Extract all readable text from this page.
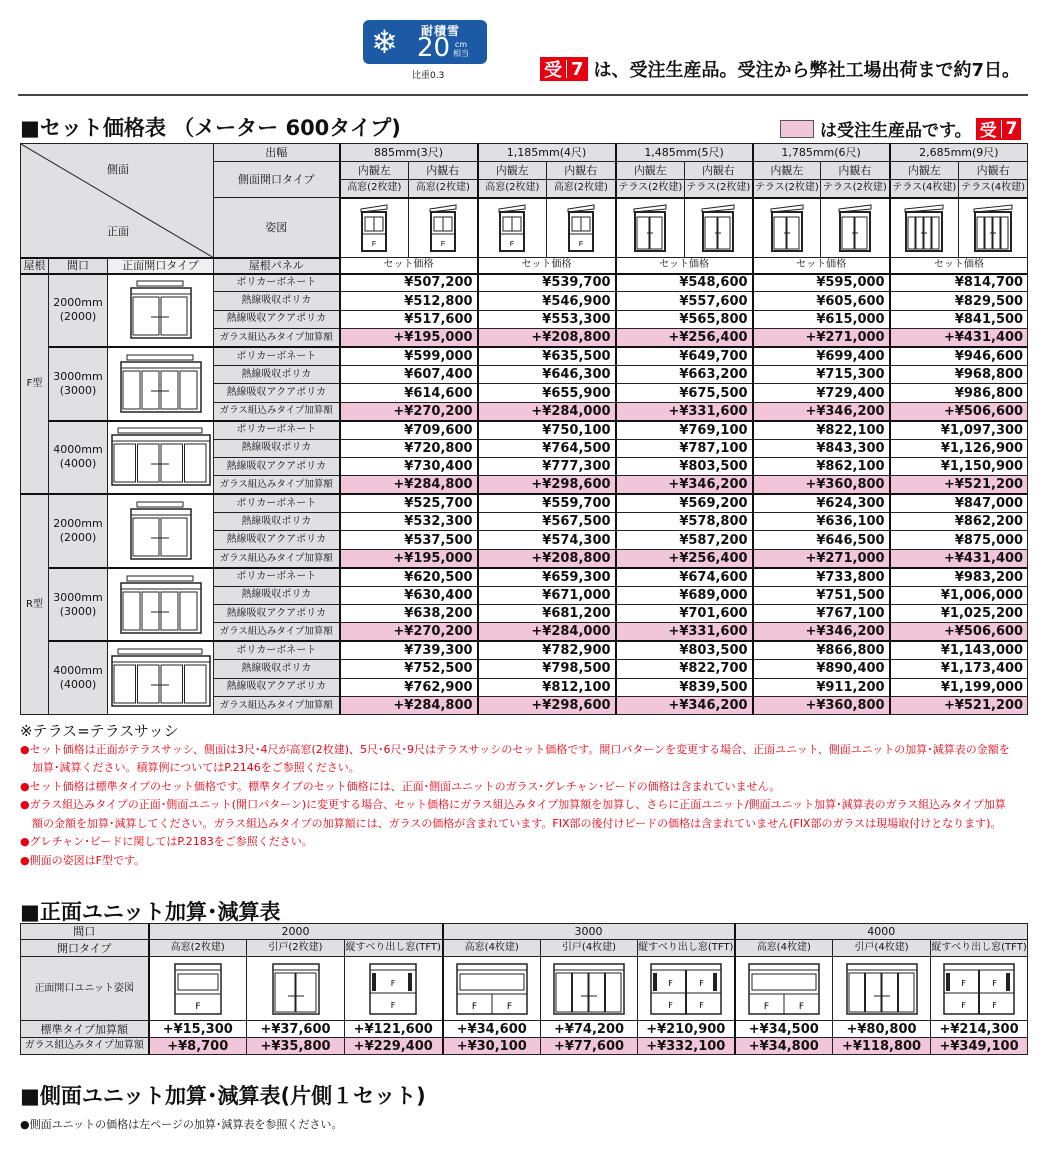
❄ 耐積雪
20 cm
相当
比重0.3	受 7 は、受注生産品。受注から弊社工場出荷まで約7日。
■セット価格表 （メーター 600タイプ)	は受注生産品です。 受 7
側面
正面			出幅	885mm(3尺)		1,185mm(4尺)		1,485mm(5尺)		1,785mm(6尺)		2,685mm(9尺)	
			側面開口タイプ	内観左	内観右	内観左	内観右	内観左	内観右	内観左	内観右	内観左	内観右
				高窓(2枚建)	高窓(2枚建)	高窓(2枚建)	高窓(2枚建)	テラス(2枚建)	テラス(2枚建)	テラス(2枚建)	テラス(2枚建)	テラス(4枚建)	テラス(4枚建)
			姿図	F	F	F	F

屋根	間口	正面開口タイプ	屋根パネル	セット価格		セット価格		セット価格		セット価格		セット価格	
F型	2000mm
(2000)		ポリカーボネート	¥507,200		¥539,700		¥548,600		¥595,000		¥814,700	
			熱線吸収ポリカ	¥512,800		¥546,900		¥557,600		¥605,600		¥829,500	
			熱線吸収アクアポリカ	¥517,600		¥553,300		¥565,800		¥615,000		¥841,500	
			ガラス組込みタイプ加算額	+¥195,000		+¥208,800		+¥256,400		+¥271,000		+¥431,400	
	3000mm
(3000)		ポリカーボネート	¥599,000		¥635,500		¥649,700		¥699,400		¥946,600	
			熱線吸収ポリカ	¥607,400		¥646,300		¥663,200		¥715,300		¥968,800	
			熱線吸収アクアポリカ	¥614,600		¥655,900		¥675,500		¥729,400		¥986,800	
			ガラス組込みタイプ加算額	+¥270,200		+¥284,000		+¥331,600		+¥346,200		+¥506,600	
	4000mm
(4000)		ポリカーボネート	¥709,600		¥750,100		¥769,100		¥822,100		¥1,097,300	
			熱線吸収ポリカ	¥720,800		¥764,500		¥787,100		¥843,300		¥1,126,900	
			熱線吸収アクアポリカ	¥730,400		¥777,300		¥803,500		¥862,100		¥1,150,900	
			ガラス組込みタイプ加算額	+¥284,800		+¥298,600		+¥346,200		+¥360,800		+¥521,200	
R型	2000mm
(2000)		ポリカーボネート	¥525,700		¥559,700		¥569,200		¥624,300		¥847,000	
			熱線吸収ポリカ	¥532,300		¥567,500		¥578,800		¥636,100		¥862,200	
			熱線吸収アクアポリカ	¥537,500		¥574,300		¥587,200		¥646,500		¥875,000	
			ガラス組込みタイプ加算額	+¥195,000		+¥208,800		+¥256,400		+¥271,000		+¥431,400	
	3000mm
(3000)		ポリカーボネート	¥620,500		¥659,300		¥674,600		¥733,800		¥983,200	
			熱線吸収ポリカ	¥630,400		¥671,000		¥689,000		¥751,500		¥1,006,000	
			熱線吸収アクアポリカ	¥638,200		¥681,200		¥701,600		¥767,100		¥1,025,200	
			ガラス組込みタイプ加算額	+¥270,200		+¥284,000		+¥331,600		+¥346,200		+¥506,600	
	4000mm
(4000)		ポリカーボネート	¥739,300		¥782,900		¥803,500		¥866,800		¥1,143,000	
			熱線吸収ポリカ	¥752,500		¥798,500		¥822,700		¥890,400		¥1,173,400	
			熱線吸収アクアポリカ	¥762,900		¥812,100		¥839,500		¥911,200		¥1,199,000	
			ガラス組込みタイプ加算額	+¥284,800		+¥298,600		+¥346,200		+¥360,800		+¥521,200	

※テラス=テラスサッシ

●セット価格は正面がテラスサッシ、側面は3尺･4尺が高窓(2枚建)、5尺･6尺･9尺はテラスサッシのセット価格です。開口パターンを変更する場合、正面ユニット、側面ユニットの加算･減算表の金額を

加算･減算ください。積算例についてはP.2146をご参照ください。

●セット価格は標準タイプのセット価格です。標準タイプのセット価格には、正面･側面ユニットのガラス･グレチャン･ビードの価格は含まれていません。

●ガラス組込みタイプの正面･側面ユニット(開口パターン)に変更する場合、セット価格にガラス組込みタイプ加算額を加算し、さらに正面ユニット/側面ユニット加算･減算表のガラス組込みタイプ加算

額の金額を加算･減算してください。ガラス組込みタイプの加算額には、ガラスの価格が含まれています。FIX部の後付けビードの価格は含まれていません(FIX部のガラスは現場取付けとなります)。

●グレチャン･ビードに関してはP.2183をご参照ください。

●側面の姿図はF型です。

■正面ユニット加算･減算表
間口	2000			3000			4000		
開口タイプ	高窓(2枚建)	引戸(2枚建)	縦すべり出し窓(TFT)	高窓(4枚建)	引戸(4枚建)	縦すべり出し窓(TFT)	高窓(4枚建)	引戸(4枚建)	縦すべり出し窓(TFT)
正面開口ユニット姿図	F		F
F	F F		F F
F F	F F		F F
F F

標準タイプ加算額	+¥15,300	+¥37,600	+¥121,600	+¥34,600	+¥74,200	+¥210,900	+¥34,500	+¥80,800	+¥214,300
ガラス組込みタイプ加算額	+¥8,700	+¥35,800	+¥229,400	+¥30,100	+¥77,600	+¥332,100	+¥34,800	+¥118,800	+¥349,100
■側面ユニット加算･減算表(片側１セット)
●側面ユニットの価格は左ページの加算･減算表を参照ください。
